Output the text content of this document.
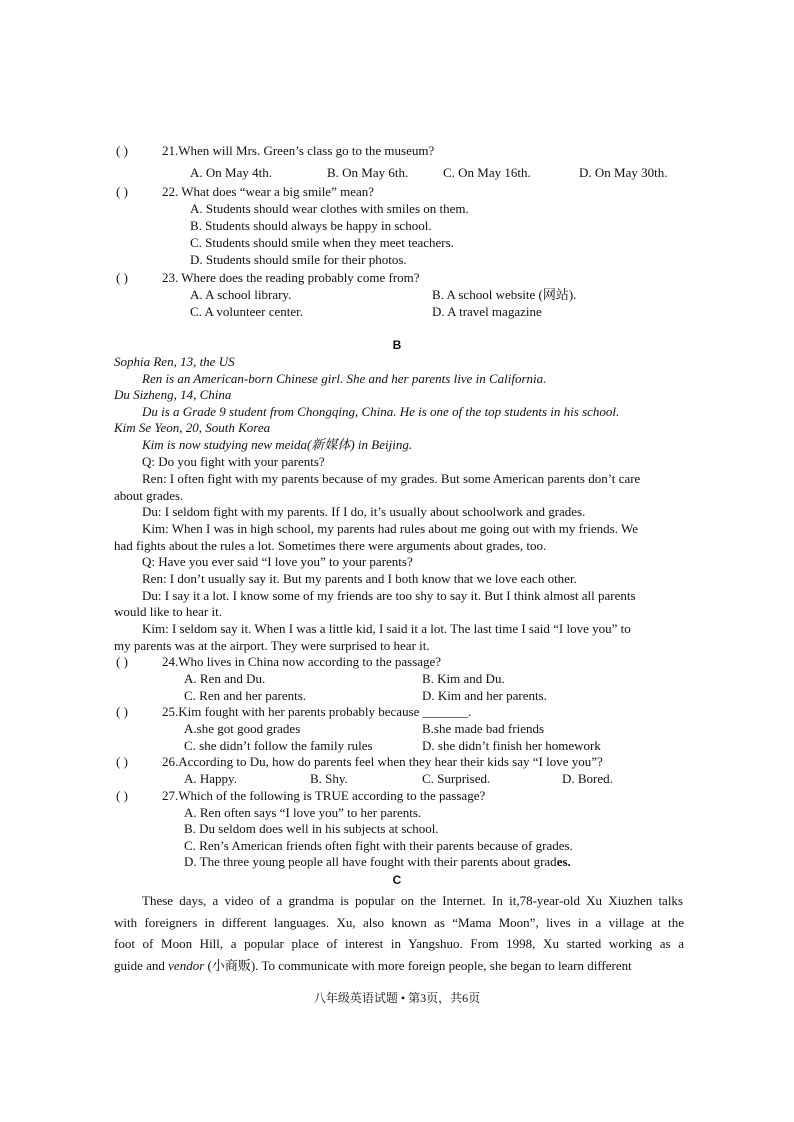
( )	21.When will Mrs. Green’s class go to the museum?
A. On May 4th.	B. On May 6th.	C. On May 16th.	D. On May 30th.
( )	22. What does “wear a big smile” mean?
A. Students should wear clothes with smiles on them.
B. Students should always be happy in school.
C. Students should smile when they meet teachers.
D. Students should smile for their photos.
( )	23. Where does the reading probably come from?
A. A school library.	B. A school website (网站).
C. A volunteer center.	D. A travel magazine
B
Sophia Ren, 13, the US
Ren is an American-born Chinese girl. She and her parents live in California.
Du Sizheng, 14, China
Du is a Grade 9 student from Chongqing, China. He is one of the top students in his school.
Kim Se Yeon, 20, South Korea
Kim is now studying new meida(新媒体) in Beijing.
Q: Do you fight with your parents?
Ren: I often fight with my parents because of my grades. But some American parents don’t care
about grades.
Du: I seldom fight with my parents. If I do, it’s usually about schoolwork and grades.
Kim: When I was in high school, my parents had rules about me going out with my friends. We
had fights about the rules a lot. Sometimes there were arguments about grades, too.
Q: Have you ever said “I love you” to your parents?
Ren: I don’t usually say it. But my parents and I both know that we love each other.
Du: I say it a lot. I know some of my friends are too shy to say it. But I think almost all parents
would like to hear it.
Kim: I seldom say it. When I was a little kid, I said it a lot. The last time I said “I love you” to
my parents was at the airport. They were surprised to hear it.
( )	24.Who lives in China now according to the passage?
A. Ren and Du.	B. Kim and Du.
C. Ren and her parents.	D. Kim and her parents.
( )	25.Kim fought with her parents probably because _______.
A.she got good grades	B.she made bad friends
C. she didn’t follow the family rules	D. she didn’t finish her homework
( )	26.According to Du, how do parents feel when they hear their kids say “I love you”?
A. Happy.	B. Shy.	C. Surprised.	D. Bored.
( )	27.Which of the following is TRUE according to the passage?
A. Ren often says “I love you” to her parents.
B. Du seldom does well in his subjects at school.
C. Ren’s American friends often fight with their parents because of grades.
D. The three young people all have fought with their parents about grades.
C
These days, a video of a grandma is popular on the Internet. In it,78-year-old Xu Xiuzhen talks
with foreigners in different languages. Xu, also known as “Mama Moon”, lives in a village at the
foot of Moon Hill, a popular place of interest in Yangshuo. From 1998, Xu started working as a
guide and vendor (小商贩). To communicate with more foreign people, she began to learn different
八年级英语试题 • 第3页，共6页
